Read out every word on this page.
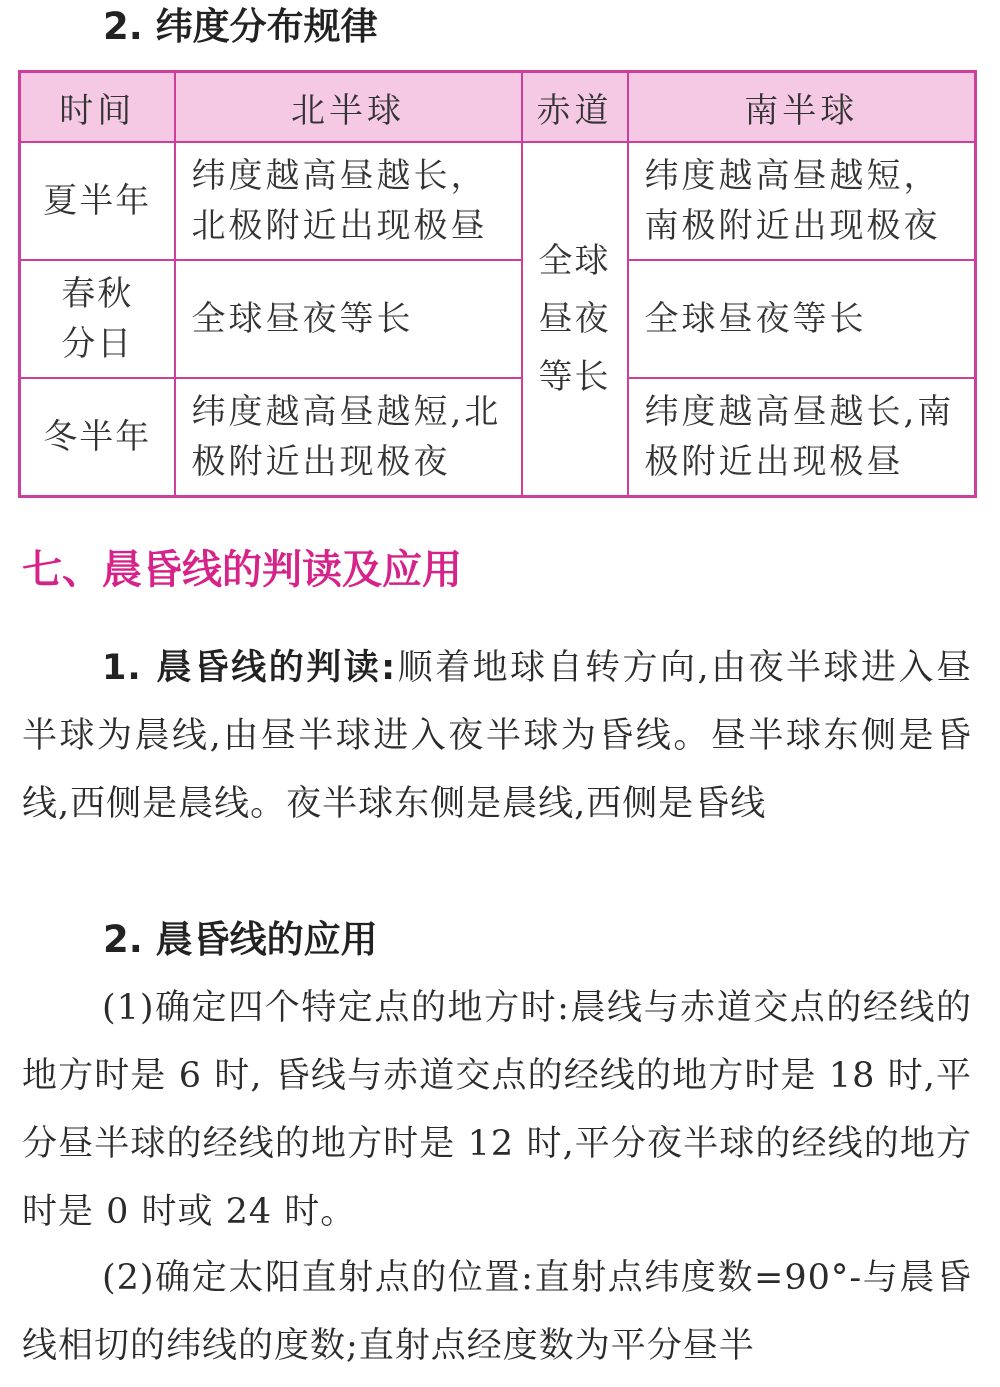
2. 纬度分布规律
时间	北半球	赤道	南半球
夏半年	纬度越高昼越长，北极附近出现极昼	全球昼夜等长	纬度越高昼越短，南极附近出现极夜

春秋分日	全球昼夜等长		全球昼夜等长
冬半年	纬度越高昼越短,北极附近出现极夜		纬度越高昼越长,南极附近出现极昼
七、晨昏线的判读及应用

1. 晨昏线的判读:顺着地球自转方向,由夜半球进入昼半球为晨线,由昼半球进入夜半球为昏线。昼半球东侧是昏线,西侧是晨线。夜半球东侧是晨线,西侧是昏线

2. 晨昏线的应用

(1)确定四个特定点的地方时:晨线与赤道交点的经线的地方时是 6 时, 昏线与赤道交点的经线的地方时是 18 时,平分昼半球的经线的地方时是 12 时,平分夜半球的经线的地方时是 0 时或 24 时。

(2)确定太阳直射点的位置:直射点纬度数=90°-与晨昏线相切的纬线的度数;直射点经度数为平分昼半
